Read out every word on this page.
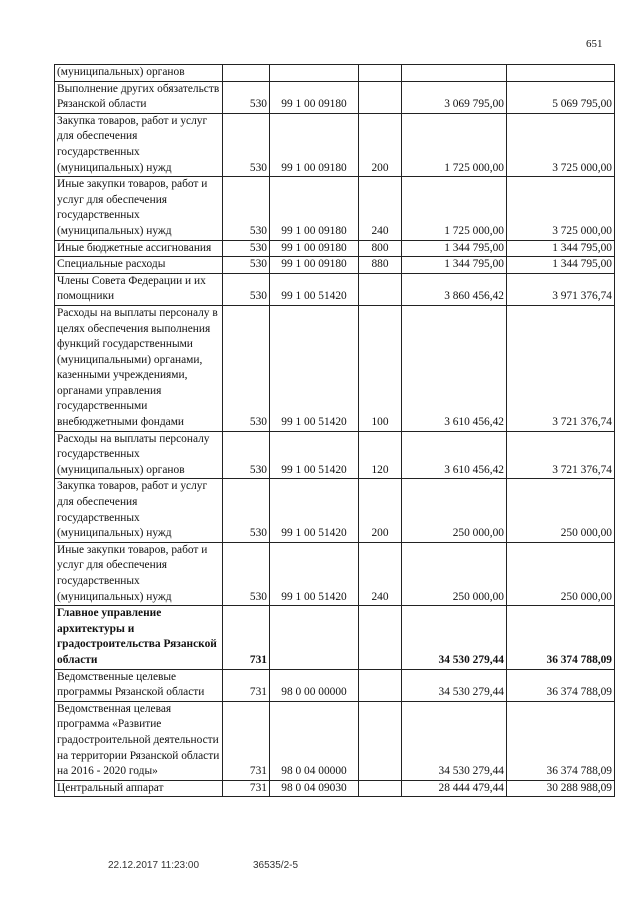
651
(муниципальных) органов					
Выполнение других обязательств Рязанской области	530	99 1 00 09180		3 069 795,00	5 069 795,00
Закупка товаров, работ и услуг для обеспечения государственных (муниципальных) нужд	530	99 1 00 09180	200	1 725 000,00	3 725 000,00
Иные закупки товаров, работ и услуг для обеспечения государственных (муниципальных) нужд	530	99 1 00 09180	240	1 725 000,00	3 725 000,00
Иные бюджетные ассигнования	530	99 1 00 09180	800	1 344 795,00	1 344 795,00
Специальные расходы	530	99 1 00 09180	880	1 344 795,00	1 344 795,00
Члены Совета Федерации и их помощники	530	99 1 00 51420		3 860 456,42	3 971 376,74
Расходы на выплаты персоналу в целях обеспечения выполнения функций государственными (муниципальными) органами, казенными учреждениями, органами управления государственными внебюджетными фондами	530	99 1 00 51420	100	3 610 456,42	3 721 376,74
Расходы на выплаты персоналу государственных (муниципальных) органов	530	99 1 00 51420	120	3 610 456,42	3 721 376,74
Закупка товаров, работ и услуг для обеспечения государственных (муниципальных) нужд	530	99 1 00 51420	200	250 000,00	250 000,00
Иные закупки товаров, работ и услуг для обеспечения государственных (муниципальных) нужд	530	99 1 00 51420	240	250 000,00	250 000,00
Главное управление архитектуры и градостроительства Рязанской области	731			34 530 279,44	36 374 788,09
Ведомственные целевые программы Рязанской области	731	98 0 00 00000		34 530 279,44	36 374 788,09
Ведомственная целевая программа «Развитие градостроительной деятельности на территории Рязанской области на 2016 - 2020 годы»	731	98 0 04 00000		34 530 279,44	36 374 788,09
Центральный аппарат	731	98 0 04 09030		28 444 479,44	30 288 988,09
22.12.2017 11:23:00	36535/2-5
